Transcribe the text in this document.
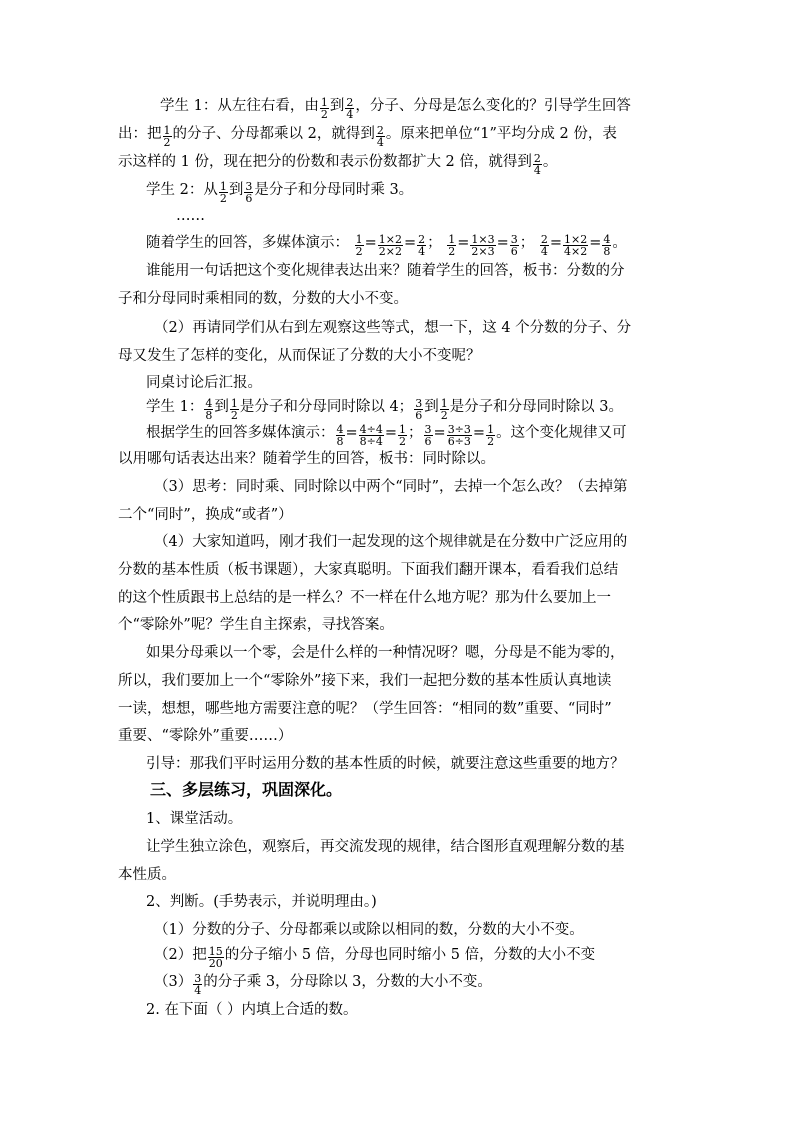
学生 1：从左往右看，由 $\frac{1}{2}$ 到 $\frac{2}{4}$ ，分子、分母是怎么变化的？引导学生回答
出：把 $\frac{1}{2}$ 的分子、分母都乘以 2，就得到 $\frac{2}{4}$ 。原来把单位“1”平均分成 2 份，表
示这样的 1 份，现在把分的份数和表示份数都扩大 2 倍，就得到 $\frac{2}{4}$ 。
学生 2：从 $\frac{1}{2}$ 到 $\frac{3}{6}$ 是分子和分母同时乘 3。
……
随着学生的回答，多媒体演示： $\frac{1}{2} = \frac{1\times 2}{2\times 2} = \frac{2}{4}$ ； $\frac{1}{2} = \frac{1\times 3}{2\times 3} = \frac{3}{6}$ ； $\frac{2}{4} = \frac{1\times 2}{4\times 2} = \frac{4}{8}$ 。
谁能用一句话把这个变化规律表达出来？随着学生的回答，板书：分数的分
子和分母同时乘相同的数，分数的大小不变。
（2）再请同学们从右到左观察这些等式，想一下，这 4 个分数的分子、分
母又发生了怎样的变化，从而保证了分数的大小不变呢？
同桌讨论后汇报。
学生 1： $\frac{4}{8}$ 到 $\frac{1}{2}$ 是分子和分母同时除以 4； $\frac{3}{6}$ 到 $\frac{1}{2}$ 是分子和分母同时除以 3。
根据学生的回答多媒体演示： $\frac{4}{8} = \frac{4\div 4}{8\div 4} = \frac{1}{2}$ ； $\frac{3}{6} = \frac{3\div 3}{6\div 3} = \frac{1}{2}$ 。这个变化规律又可
以用哪句话表达出来？随着学生的回答，板书：同时除以。
（3）思考：同时乘、同时除以中两个“同时”，去掉一个怎么改？（去掉第
二个“同时”，换成“或者”）
（4）大家知道吗，刚才我们一起发现的这个规律就是在分数中广泛应用的
分数的基本性质（板书课题），大家真聪明。下面我们翻开课本，看看我们总结
的这个性质跟书上总结的是一样么？不一样在什么地方呢？那为什么要加上一
个“零除外”呢？学生自主探索，寻找答案。
如果分母乘以一个零，会是什么样的一种情况呀？嗯，分母是不能为零的，
所以，我们要加上一个“零除外”接下来，我们一起把分数的基本性质认真地读
一读，想想，哪些地方需要注意的呢？（学生回答：“相同的数”重要、“同时”
重要、“零除外”重要……）
引导：那我们平时运用分数的基本性质的时候，就要注意这些重要的地方？
三、多层练习，巩固深化。
1、课堂活动。
让学生独立涂色，观察后，再交流发现的规律，结合图形直观理解分数的基
本性质。
2、判断。(手势表示，并说明理由。)
（1）分数的分子、分母都乘以或除以相同的数，分数的大小不变。
（2）把 $\frac{15}{20}$ 的分子缩小 5 倍，分母也同时缩小 5 倍，分数的大小不变
$(3) \frac{3}{4}$ 的分子乘 3，分母除以 3，分数的大小不变。
2. 在下面（ ）内填上合适的数。
